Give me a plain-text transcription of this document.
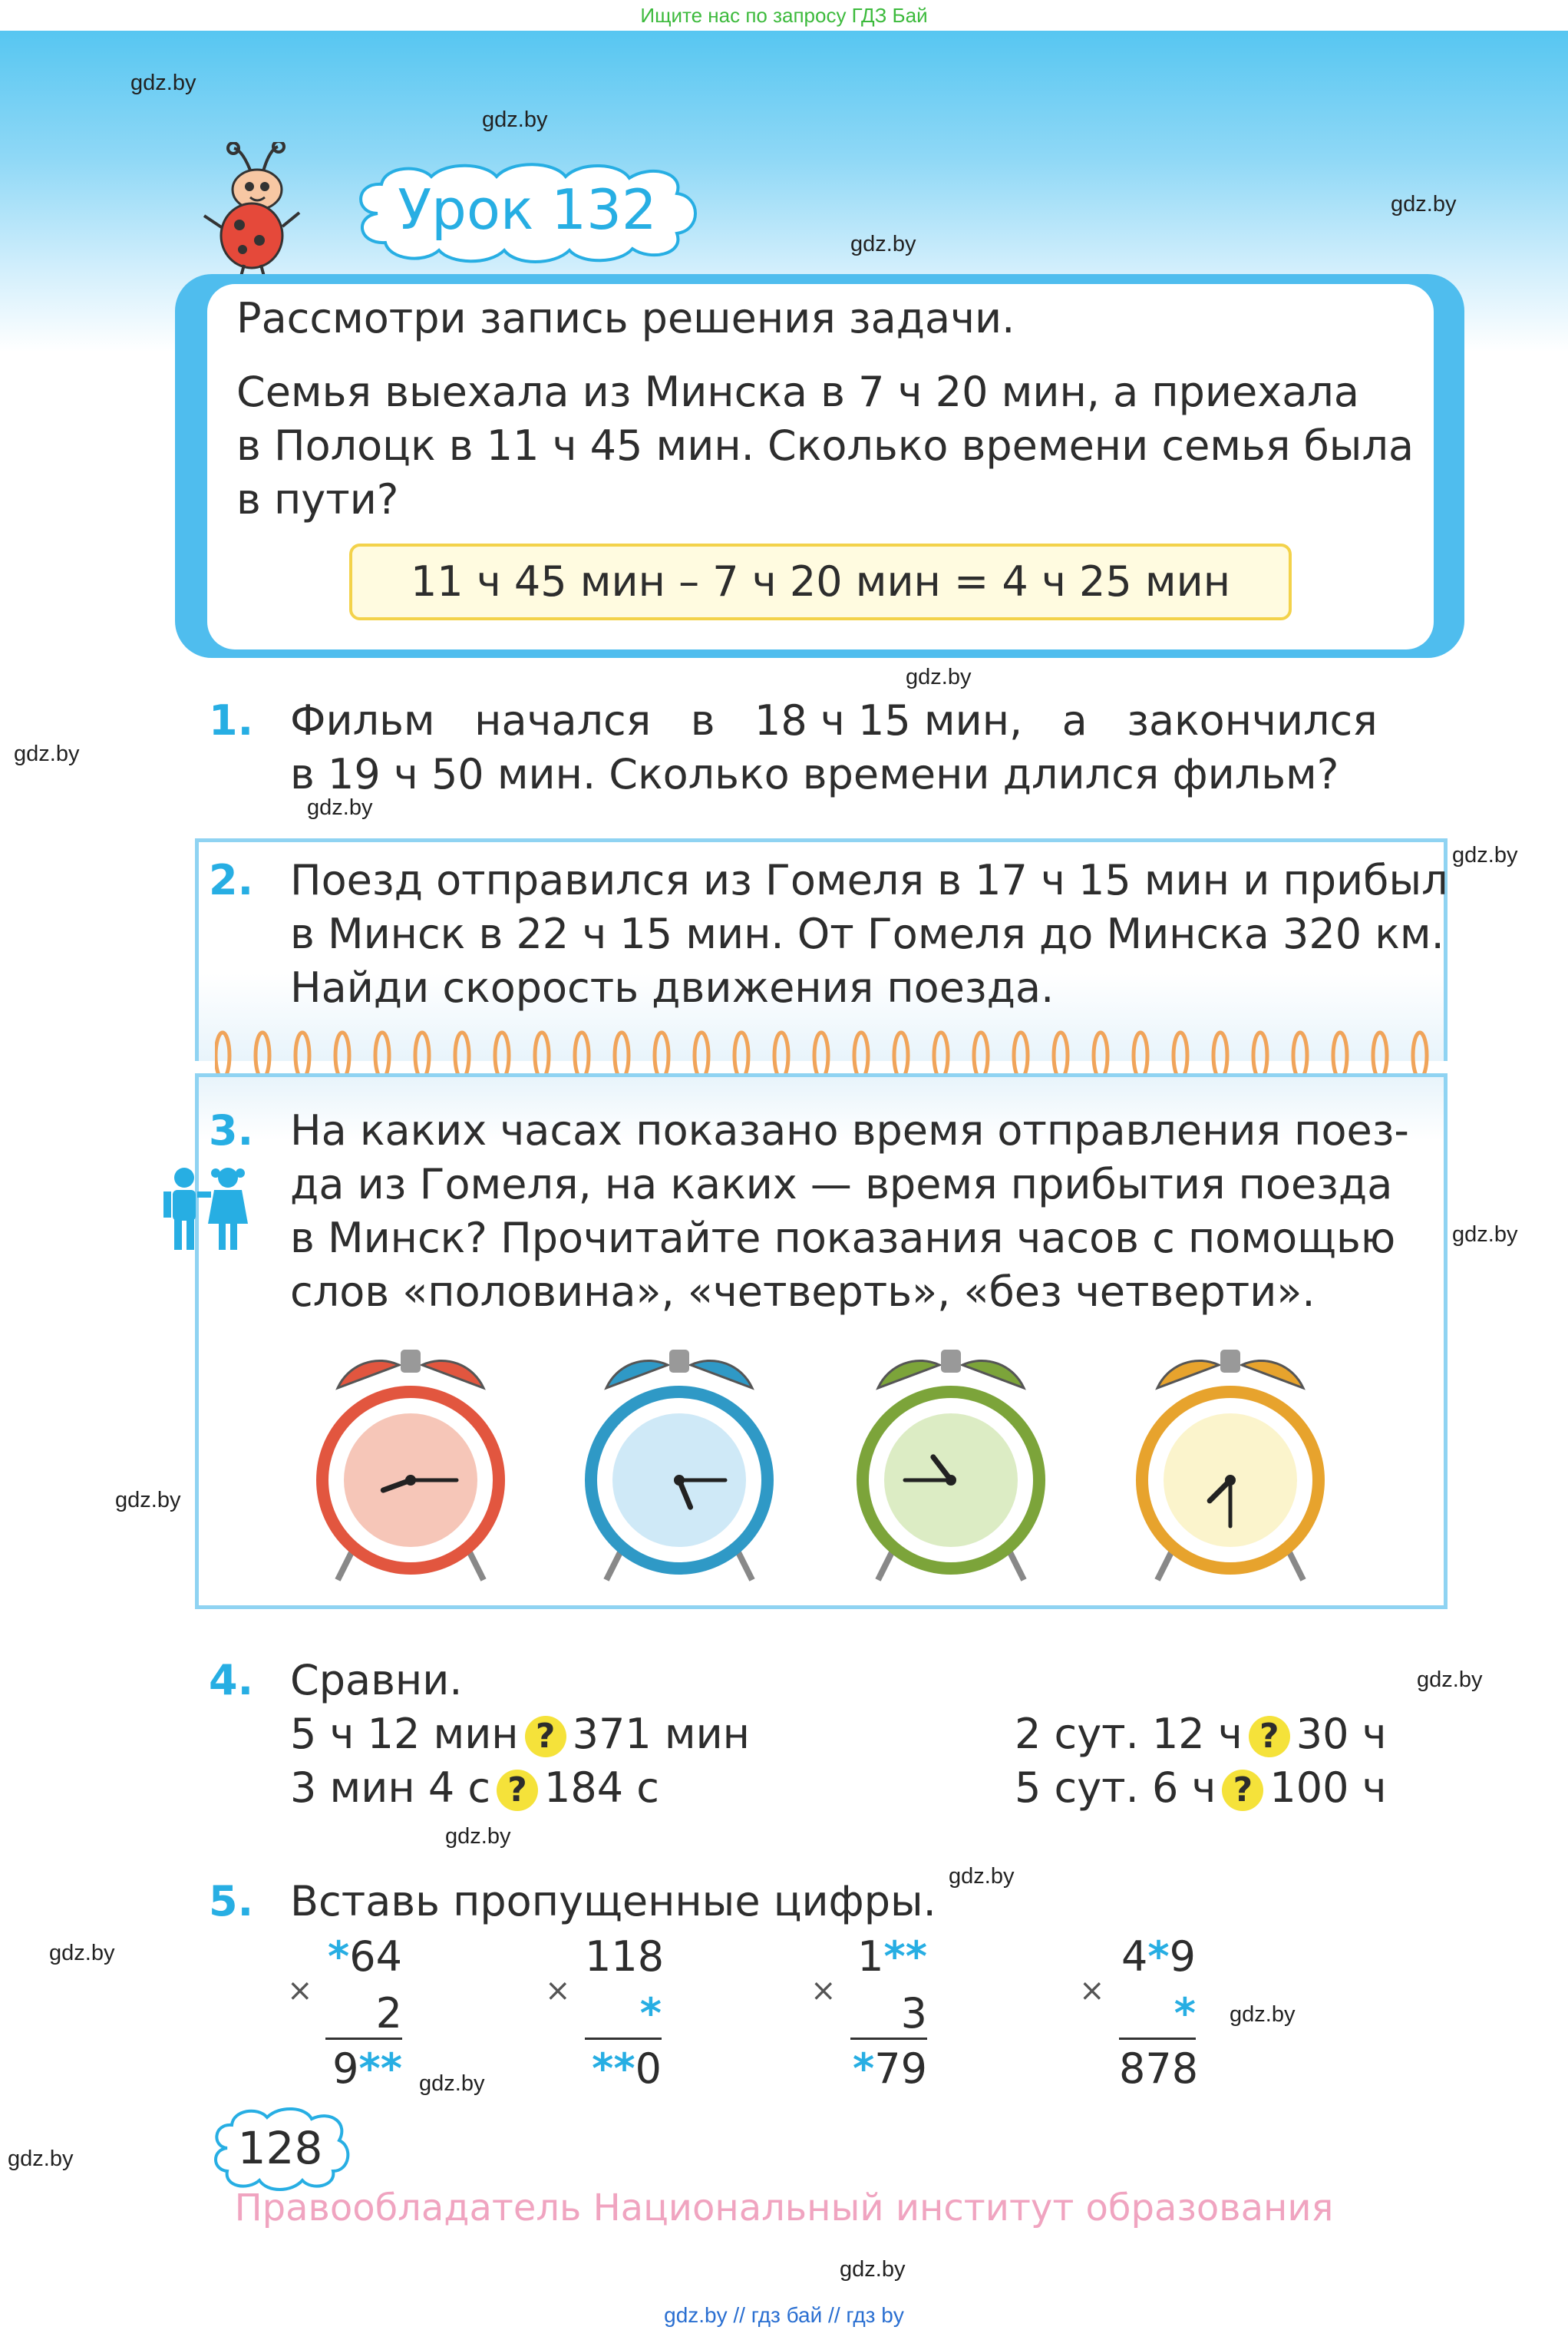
Ищите нас по запросу ГДЗ Бай
gdz.by
gdz.by
gdz.by
gdz.by
gdz.by
gdz.by
gdz.by
gdz.by
gdz.by
gdz.by
gdz.by
gdz.by
gdz.by
gdz.by
gdz.by
gdz.by
gdz.by
gdz.by
Урок 132
Рассмотри запись решения задачи.
Семья выехала из Минска в 7 ч 20 мин, а приехала
в Полоцк в 11 ч 45 мин. Сколько времени семья была
в пути?
11 ч 45 мин – 7 ч 20 мин = 4 ч 25 мин
1. Фильм   начался   в   18 ч 15 мин,   а   закончился
в 19 ч 50 мин. Сколько времени длился фильм?
2. Поезд отправился из Гомеля в 17 ч 15 мин и прибыл
в Минск в 22 ч 15 мин. От Гомеля до Минска 320 км.
Найди скорость движения поезда.
3. На каких часах показано время отправления поез-
да из Гомеля, на каких — время прибытия поезда
в Минск? Прочитайте показания часов с помощью
слов «половина», «четверть», «без четверти».
4. Сравни.
5 ч 12 мин ? 371 мин
3 мин 4 с ? 184 с
2 сут. 12 ч ? 30 ч
5 сут. 6 ч ? 100 ч
5. Вставь пропущенные цифры.
×
*64
2
9**
×
118
*
**0
×
1**
3
*79
×
4*9
*
878
128
Правообладатель Национальный институт образования
gdz.by // гдз бай // гдз by
